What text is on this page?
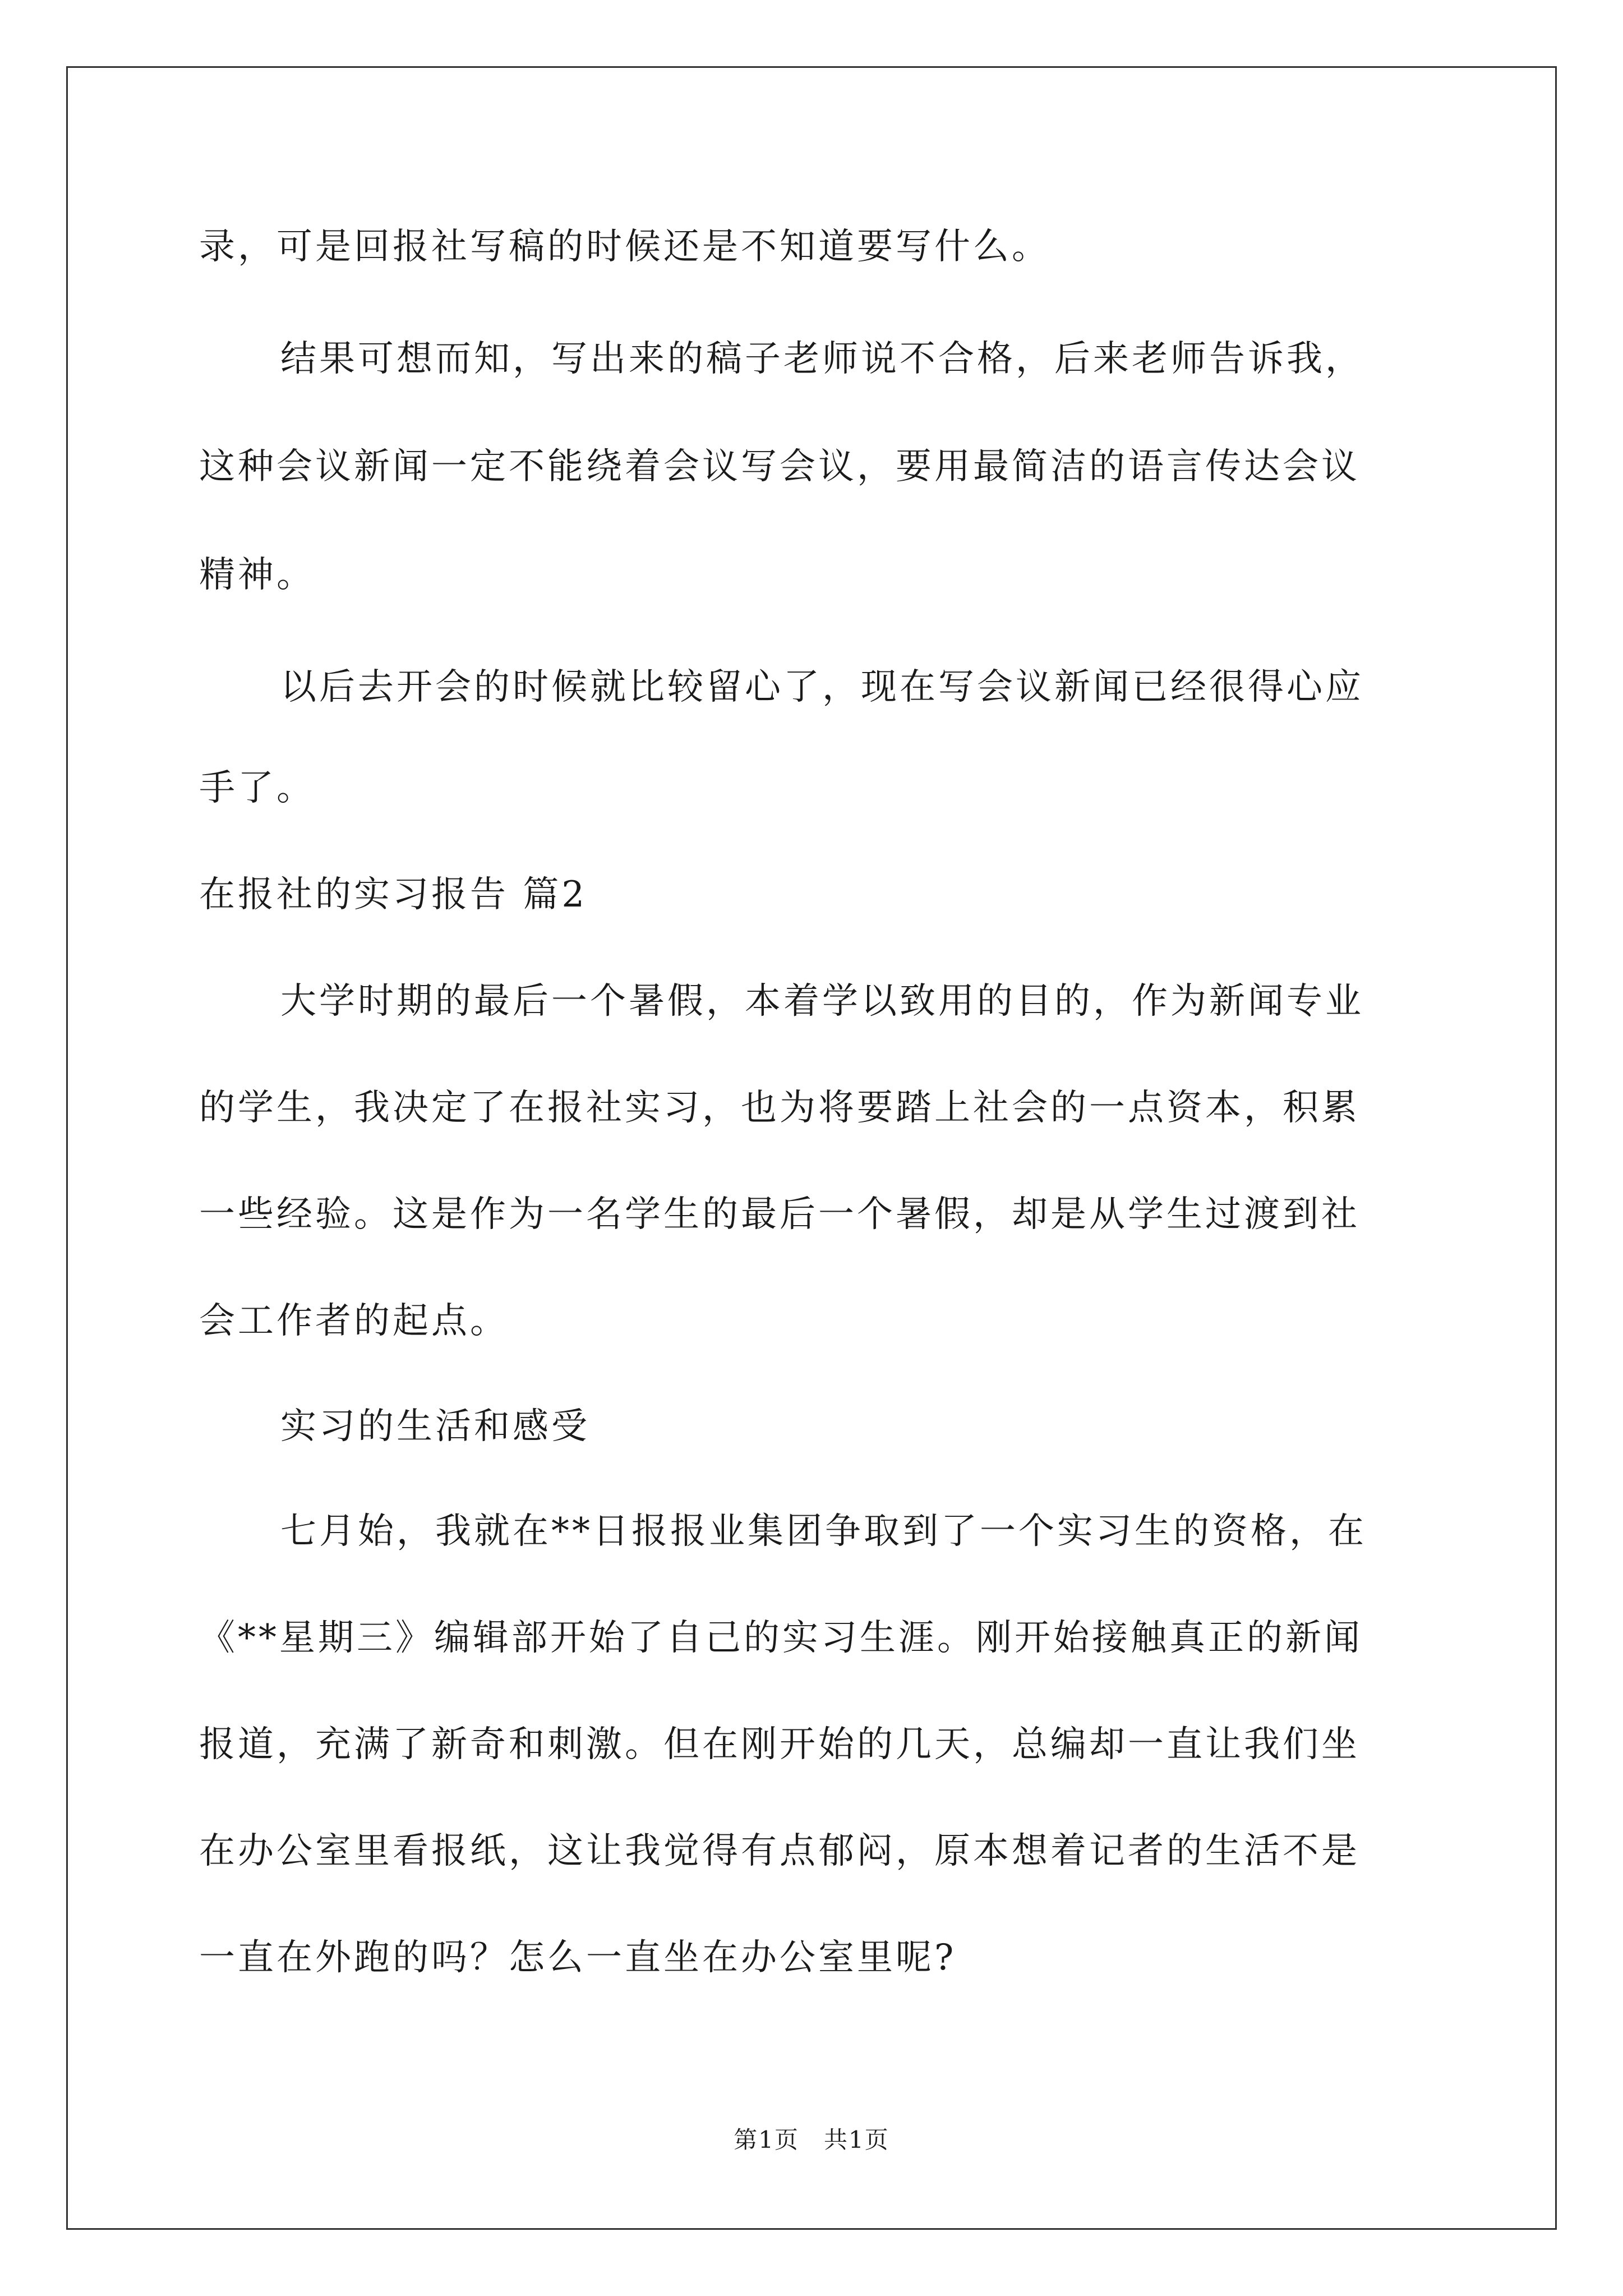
录，可是回报社写稿的时候还是不知道要写什么。
结果可想而知，写出来的稿子老师说不合格，后来老师告诉我，
这种会议新闻一定不能绕着会议写会议，要用最简洁的语言传达会议
精神。
以后去开会的时候就比较留心了，现在写会议新闻已经很得心应
手了。
在报社的实习报告 篇2
大学时期的最后一个暑假，本着学以致用的目的，作为新闻专业
的学生，我决定了在报社实习，也为将要踏上社会的一点资本，积累
一些经验。这是作为一名学生的最后一个暑假，却是从学生过渡到社
会工作者的起点。
实习的生活和感受
七月始，我就在**日报报业集团争取到了一个实习生的资格，在
《**星期三》编辑部开始了自己的实习生涯。刚开始接触真正的新闻
报道，充满了新奇和刺激。但在刚开始的几天，总编却一直让我们坐
在办公室里看报纸，这让我觉得有点郁闷，原本想着记者的生活不是
一直在外跑的吗？怎么一直坐在办公室里呢?
第1页　共1页
